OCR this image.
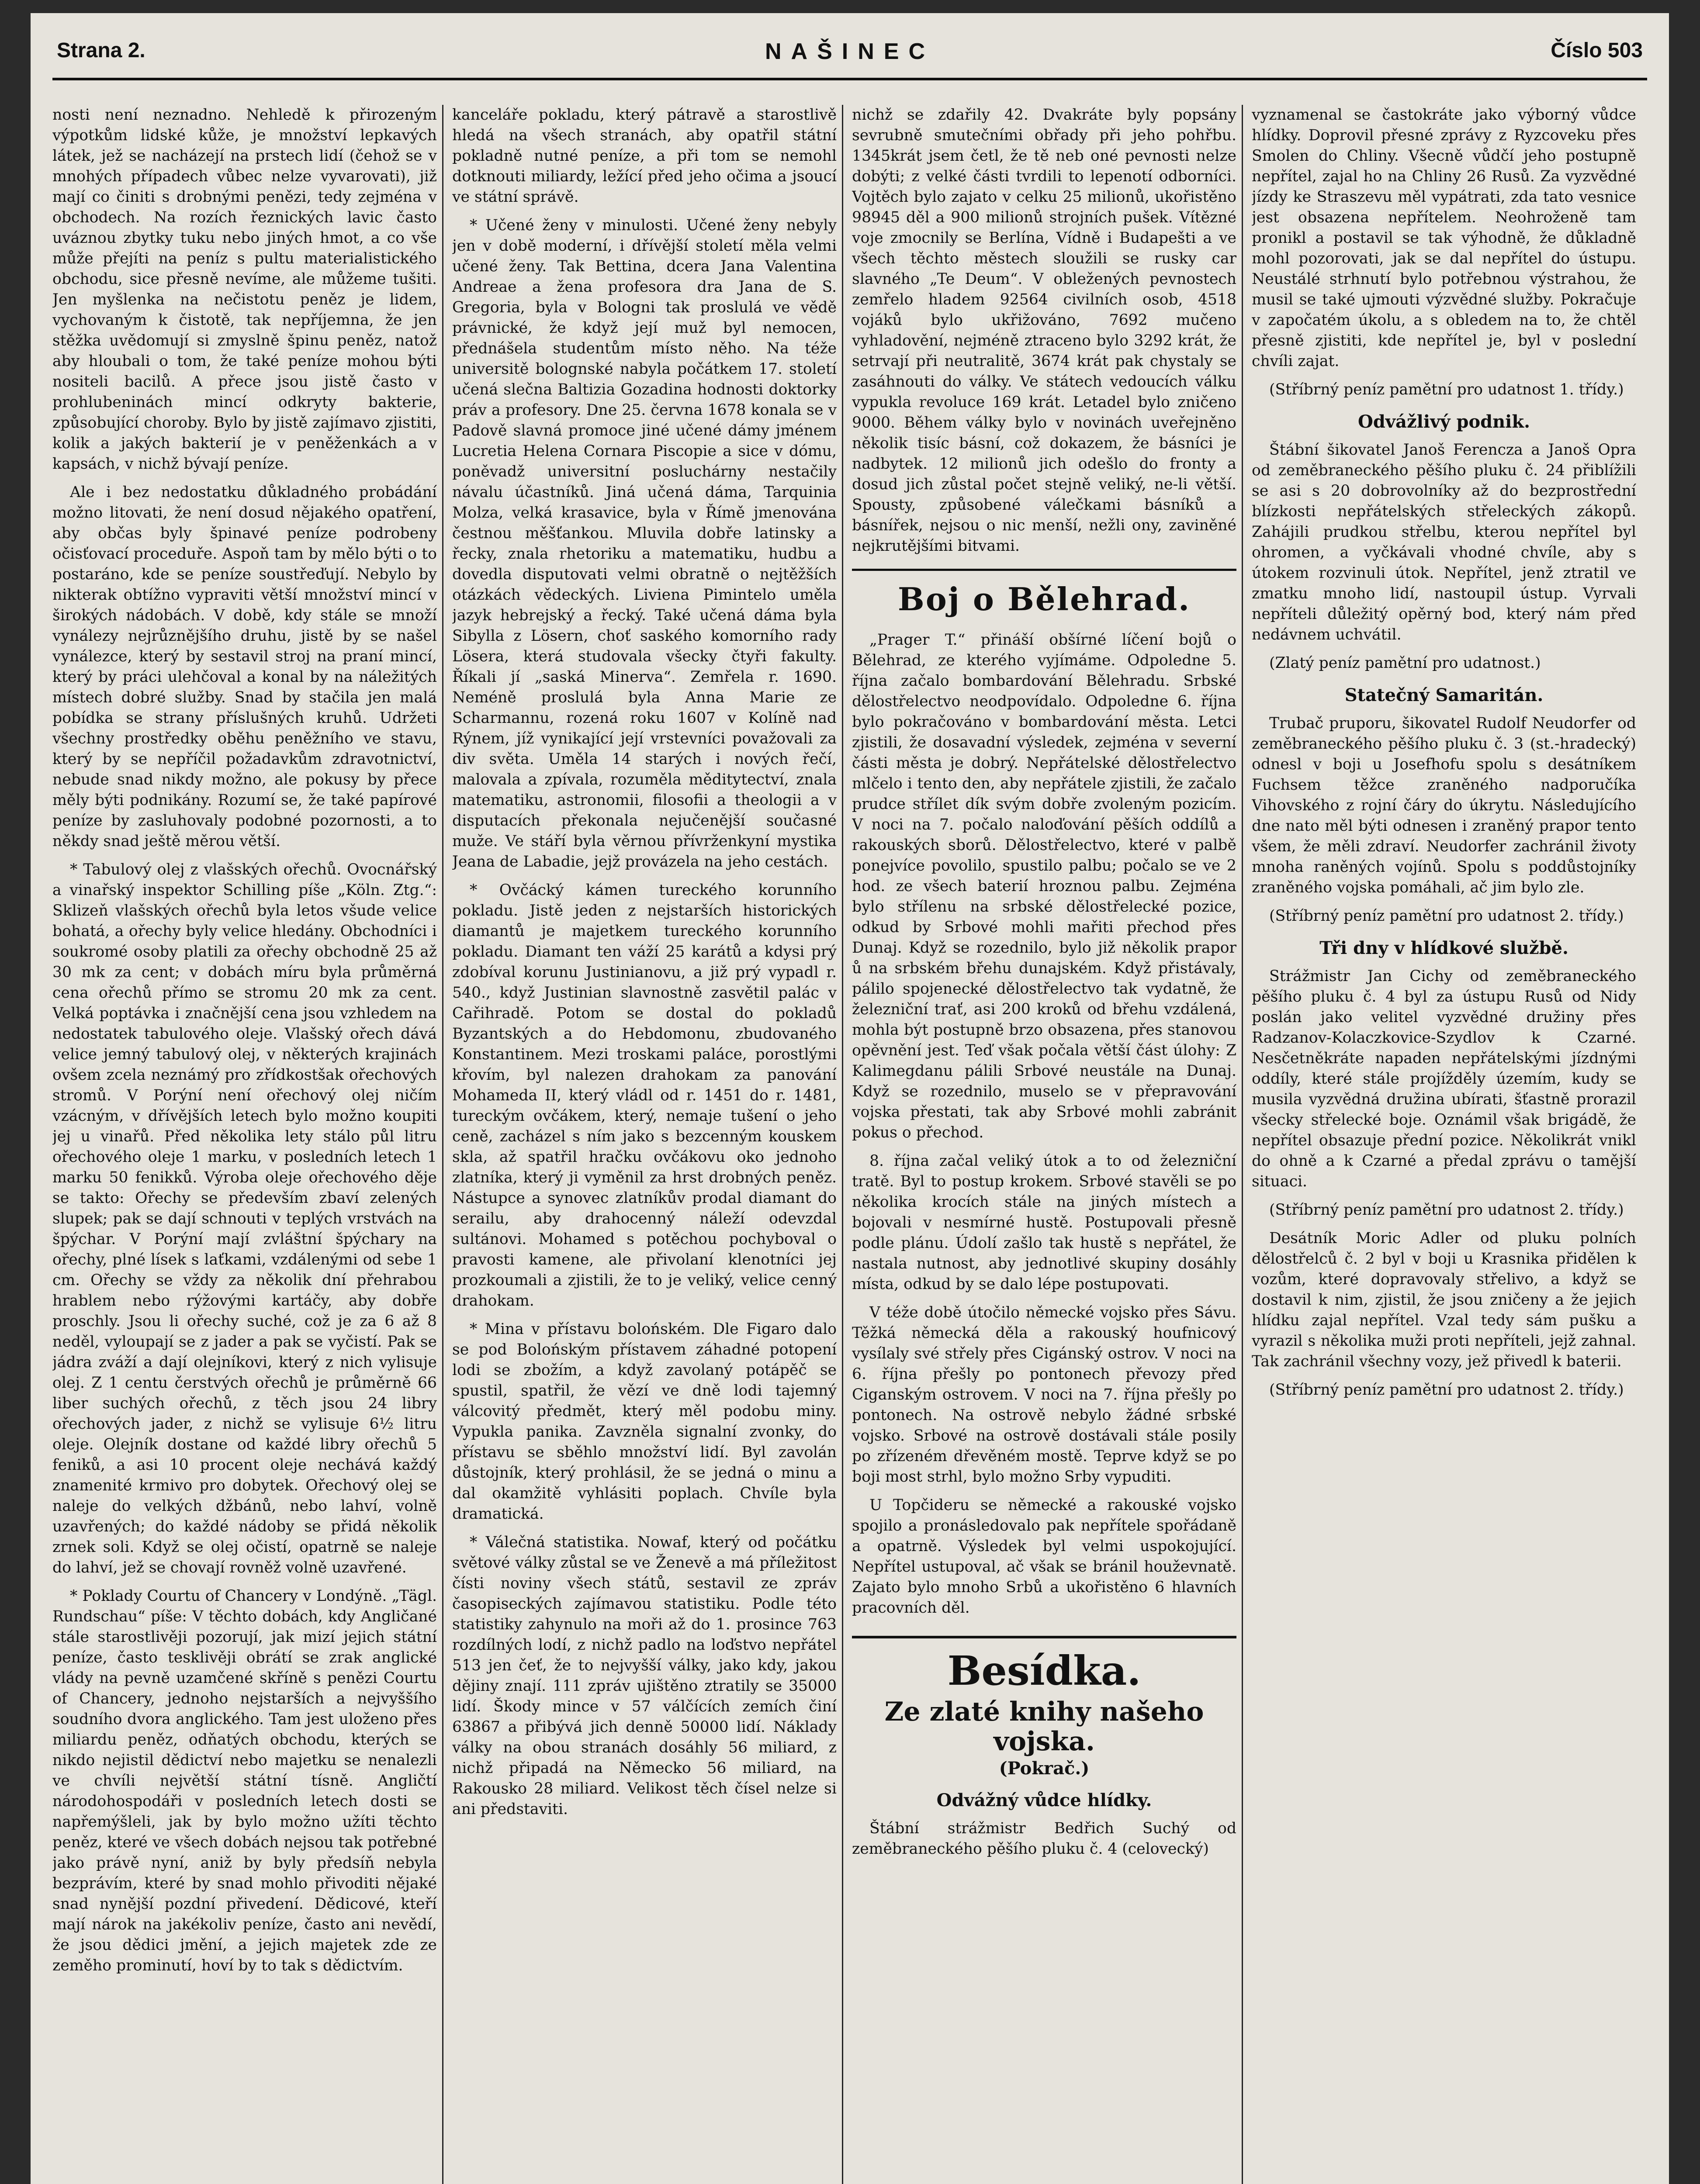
Strana 2.	NAŠINEC	Číslo 503

nosti není neznadno. Nehledě k přirozeným výpotkům lidské kůže, je množství lepkavých látek, jež se nacházejí na prstech lidí (čehož se v mnohých případech vůbec nelze vyvarovati), již mají co činiti s drobnými penězi, tedy zejména v obchodech. Na rozích řeznických lavic často uváznou zbytky tuku nebo jiných hmot, a co vše může přejíti na peníz s pultu materialistického obchodu, sice přesně nevíme, ale můžeme tušiti. Jen myšlenka na nečistotu peněz je lidem, vychovaným k čistotě, tak nepříjemna, že jen stěžka uvědomují si zmyslně špinu peněz, natož aby hloubali o tom, že také peníze mohou býti nositeli bacilů. A přece jsou jistě často v prohlubeninách mincí odkryty bakterie, způsobující choroby. Bylo by jistě zajímavo zjistiti, kolik a jakých bakterií je v peněženkách a v kapsách, v nichž bývají peníze.

Ale i bez nedostatku důkladného probádání možno litovati, že není dosud nějakého opatření, aby občas byly špinavé peníze podrobeny očisťovací proceduře. Aspoň tam by mělo býti o to postaráno, kde se peníze soustřeďují. Nebylo by nikterak obtížno vypraviti větší množství mincí v širokých nádobách. V době, kdy stále se množí vynálezy nejrůznějšího druhu, jistě by se našel vynálezce, který by sestavil stroj na praní mincí, který by práci ulehčoval a konal by na náležitých místech dobré služby. Snad by stačila jen malá pobídka se strany příslušných kruhů. Udržeti všechny prostředky oběhu peněžního ve stavu, který by se nepříčil požadavkům zdravotnictví, nebude snad nikdy možno, ale pokusy by přece měly býti podnikány. Rozumí se, že také papírové peníze by zasluhovaly podobné pozornosti, a to někdy snad ještě měrou větší.

* Tabulový olej z vlašských ořechů. Ovocnářský a vinařský inspektor Schilling píše „Köln. Ztg.“: Sklizeň vlašských ořechů byla letos všude velice bohatá, a ořechy byly velice hledány. Obchodníci i soukromé osoby platili za ořechy obchodně 25 až 30 mk za cent; v dobách míru byla průměrná cena ořechů přímo se stromu 20 mk za cent. Velká poptávka i značnější cena jsou vzhledem na nedostatek tabulového oleje. Vlašský ořech dává velice jemný tabulový olej, v některých krajinách ovšem zcela neznámý pro zřídkostšak ořechových stromů. V Porýní není ořechový olej ničím vzácným, v dřívějších letech bylo možno koupiti jej u vinařů. Před několika lety stálo půl litru ořechového oleje 1 marku, v posledních letech 1 marku 50 fenikků. Výroba oleje ořechového děje se takto: Ořechy se především zbaví zelených slupek; pak se dají schnouti v teplých vrstvách na špýchar. V Porýní mají zvláštní špýchary na ořechy, plné lísek s laťkami, vzdálenými od sebe 1 cm. Ořechy se vždy za několik dní přehrabou hrablem nebo rýžovými kartáčy, aby dobře proschly. Jsou li ořechy suché, což je za 6 až 8 neděl, vyloupají se z jader a pak se vyčistí. Pak se jádra zváží a dají olejníkovi, který z nich vylisuje olej. Z 1 centu čerstvých ořechů je průměrně 66 liber suchých ořechů, z těch jsou 24 libry ořechových jader, z nichž se vylisuje 6½ litru oleje. Olejník dostane od každé libry ořechů 5 feniků, a asi 10 procent oleje nechává každý znamenité krmivo pro dobytek. Ořechový olej se naleje do velkých džbánů, nebo lahví, volně uzavřených; do každé nádoby se přidá několik zrnek soli. Když se olej očistí, opatrně se naleje do lahví, jež se chovají rovněž volně uzavřené.

* Poklady Courtu of Chancery v Londýně. „Tägl. Rundschau“ píše: V těchto dobách, kdy Angličané stále starostlivěji pozorují, jak mizí jejich státní peníze, často tesklivěji obrátí se zrak anglické vlády na pevně uzamčené skříně s penězi Courtu of Chancery, jednoho nejstarších a nejvyššího soudního dvora anglického. Tam jest uloženo přes miliardu peněz, odňatých obchodu, kterých se nikdo nejistil dědictví nebo majetku se nenalezli ve chvíli největší státní tísně. Angličtí národohospodáři v posledních letech dosti se napřemýšleli, jak by bylo možno užíti těchto peněz, které ve všech dobách nejsou tak potřebné jako právě nyní, aniž by byly předsíň nebyla bezprávím, které by snad mohlo přivoditi nějaké snad nynější pozdní přivedení. Dědicové, kteří mají nárok na jakékoliv peníze, často ani nevědí, že jsou dědici jmění, a jejich majetek zde ze zeměho prominutí, hoví by to tak s dědictvím.

kanceláře pokladu, který pátravě a starostlivě hledá na všech stranách, aby opatřil státní pokladně nutné peníze, a při tom se nemohl dotknouti miliardy, ležící před jeho očima a jsoucí ve státní správě.

* Učené ženy v minulosti. Učené ženy nebyly jen v době moderní, i dřívější století měla velmi učené ženy. Tak Bettina, dcera Jana Valentina Andreae a žena profesora dra Jana de S. Gregoria, byla v Bologni tak proslulá ve vědě právnické, že když její muž byl nemocen, přednášela studentům místo něho. Na téže universitě bolognské nabyla počátkem 17. století učená slečna Baltizia Gozadina hodnosti doktorky práv a profesory. Dne 25. června 1678 konala se v Padově slavná promoce jiné učené dámy jménem Lucretia Helena Cornara Piscopie a sice v dómu, poněvadž universitní posluchárny nestačily návalu účastníků. Jiná učená dáma, Tarquinia Molza, velká krasavice, byla v Římě jmenována čestnou měšťankou. Mluvila dobře latinsky a řecky, znala rhetoriku a matematiku, hudbu a dovedla disputovati velmi obratně o nejtěžších otázkách vědeckých. Liviena Pimintelo uměla jazyk hebrejský a řecký. Také učená dáma byla Sibylla z Lösern, choť saského komorního rady Lösera, která studovala všecky čtyři fakulty. Říkali jí „saská Minerva“. Zemřela r. 1690. Neméně proslulá byla Anna Marie ze Scharmannu, rozená roku 1607 v Kolíně nad Rýnem, jíž vynikající její vrstevníci považovali za div světa. Uměla 14 starých i nových řečí, malovala a zpívala, rozuměla měditytectví, znala matematiku, astronomii, filosofii a theologii a v disputacích překonala nejučenější současné muže. Ve stáří byla věrnou přívrženkyní mystika Jeana de Labadie, jejž provázela na jeho cestách.

* Ovčácký kámen tureckého korunního pokladu. Jistě jeden z nejstarších historických diamantů je majetkem tureckého korunního pokladu. Diamant ten váží 25 karátů a kdysi prý zdobíval korunu Justinianovu, a již prý vypadl r. 540., když Justinian slavnostně zasvětil palác v Cařihradě. Potom se dostal do pokladů Byzantských a do Hebdomonu, zbudovaného Konstantinem. Mezi troskami paláce, porostlými křovím, byl nalezen drahokam za panování Mohameda II, který vládl od r. 1451 do r. 1481, tureckým ovčákem, který, nemaje tušení o jeho ceně, zacházel s ním jako s bezcenným kouskem skla, až spatřil hračku ovčákovu oko jednoho zlatníka, který ji vyměnil za hrst drobných peněz. Nástupce a synovec zlatníkův prodal diamant do serailu, aby drahocenný náleží odevzdal sultánovi. Mohamed s potěchou pochyboval o pravosti kamene, ale přivolaní klenotníci jej prozkoumali a zjistili, že to je veliký, velice cenný drahokam.

* Mina v přístavu bolońském. Dle Figaro dalo se pod Bolońským přístavem záhadné potopení lodi se zbožím, a když zavolaný potápěč se spustil, spatřil, že vězí ve dně lodi tajemný válcovitý předmět, který měl podobu miny. Vypukla panika. Zavzněla signalní zvonky, do přístavu se sběhlo množství lidí. Byl zavolán důstojník, který prohlásil, že se jedná o minu a dal okamžitě vyhlásiti poplach. Chvíle byla dramatická.

* Válečná statistika. Nowaf, který od počátku světové války zůstal se ve Ženevě a má příležitost čísti noviny všech států, sestavil ze zpráv časopiseckých zajímavou statistiku. Podle této statistiky zahynulo na moři až do 1. prosince 763 rozdílných lodí, z nichž padlo na loďstvo nepřátel 513 jen čeť, že to nejvyšší války, jako kdy, jakou dějiny znají. 111 zpráv ujištěno ztratily se 35000 lidí. Škody mince v 57 válčících zemích činí 63867 a přibývá jich denně 50000 lidí. Náklady války na obou stranách dosáhly 56 miliard, z nichž připadá na Německo 56 miliard, na Rakousko 28 miliard. Velikost těch čísel nelze si ani představiti.

nichž se zdařily 42. Dvakráte byly popsány sevrubně smutečními obřady při jeho pohřbu. 1345krát jsem četl, že tě neb oné pevnosti nelze dobýti; z velké části tvrdili to lepenotí odborníci. Vojtěch bylo zajato v celku 25 milionů, ukořistěno 98945 děl a 900 milionů strojních pušek. Vítězné voje zmocnily se Berlína, Vídně i Budapešti a ve všech těchto městech sloužili se rusky car slavného „Te Deum“. V obležených pevnostech zemřelo hladem 92564 civilních osob, 4518 vojáků bylo ukřižováno, 7692 mučeno vyhladovění, nejméně ztraceno bylo 3292 krát, že setrvají při neutralitě, 3674 krát pak chystaly se zasáhnouti do války. Ve státech vedoucích válku vypukla revoluce 169 krát. Letadel bylo zničeno 9000. Během války bylo v novinách uveřejněno několik tisíc básní, což dokazem, že básníci je nadbytek. 12 milionů jich odešlo do fronty a dosud jich zůstal počet stejně veliký, ne-li větší. Spousty, způsobené válečkami básníků a básnířek, nejsou o nic menší, nežli ony, zaviněné nejkrutějšími bitvami.

Boj o Bělehrad.

„Prager T.“ přináší obšírné líčení bojů o Bělehrad, ze kterého vyjímáme. Odpoledne 5. října začalo bombardování Bělehradu. Srbské dělostřelectvo neodpovídalo. Odpoledne 6. října bylo pokračováno v bombardování města. Letci zjistili, že dosavadní výsledek, zejména v severní části města je dobrý. Nepřátelské dělostřelectvo mlčelo i tento den, aby nepřátele zjistili, že začalo prudce střílet dík svým dobře zvoleným pozicím. V noci na 7. počalo naloďování pěších oddílů a rakouských sborů. Dělostřelectvo, které v palbě ponejvíce povolilo, spustilo palbu; počalo se ve 2 hod. ze všech baterií hroznou palbu. Zejména bylo střílenu na srbské dělostřelecké pozice, odkud by Srbové mohli mařiti přechod přes Dunaj. Když se rozednilo, bylo již několik prapor ů na srbském břehu dunajském. Když přistávaly, pálilo spojenecké dělostřelectvo tak vydatně, že železniční trať, asi 200 kroků od břehu vzdálená, mohla být postupně brzo obsazena, přes stanovou opěvnění jest. Teď však počala větší část úlohy: Z Kalimegdanu pálili Srbové neustále na Dunaj. Když se rozednilo, muselo se v přepravování vojska přestati, tak aby Srbové mohli zabránit pokus o přechod.

8. října začal veliký útok a to od železniční tratě. Byl to postup krokem. Srbové stavěli se po několika krocích stále na jiných místech a bojovali v nesmírné hustě. Postupovali přesně podle plánu. Údolí zašlo tak hustě s nepřátel, že nastala nutnost, aby jednotlivé skupiny dosáhly místa, odkud by se dalo lépe postupovati.

V téže době útočilo německé vojsko přes Sávu. Těžká německá děla a rakouský houfnicový vysílaly své střely přes Cigánský ostrov. V noci na 6. října přešly po pontonech převozy před Ciganským ostrovem. V noci na 7. října přešly po pontonech. Na ostrově nebylo žádné srbské vojsko. Srbové na ostrově dostávali stále posily po zřízeném dřevěném mostě. Teprve když se po boji most strhl, bylo možno Srby vypuditi.

U Topčideru se německé a rakouské vojsko spojilo a pronásledovalo pak nepřítele spořádaně a opatrně. Výsledek byl velmi uspokojující. Nepřítel ustupoval, ač však se bránil houževnatě. Zajato bylo mnoho Srbů a ukořistěno 6 hlavních pracovních děl.

Besídka.
Ze zlaté knihy našeho vojska.
(Pokrač.)
Odvážný vůdce hlídky.

Štábní strážmistr Bedřich Suchý od zeměbraneckého pěšího pluku č. 4 (celovecký)

vyznamenal se častokráte jako výborný vůdce hlídky. Doprovil přesné zprávy z Ryzcoveku přes Smolen do Chliny. Všecně vůdčí jeho postupně nepřítel, zajal ho na Chliny 26 Rusů. Za vyzvědné jízdy ke Straszevu měl vypátrati, zda tato vesnice jest obsazena nepřítelem. Neohroženě tam pronikl a postavil se tak výhodně, že důkladně mohl pozorovati, jak se dal nepřítel do ústupu. Neustálé strhnutí bylo potřebnou výstrahou, že musil se také ujmouti výzvědné služby. Pokračuje v započatém úkolu, a s obledem na to, že chtěl přesně zjistiti, kde nepřítel je, byl v poslední chvíli zajat.

(Stříbrný peníz pamětní pro udatnost 1. třídy.)

Odvážlivý podnik.

Štábní šikovatel Janoš Ferencza a Janoš Opra od zeměbraneckého pěšího pluku č. 24 přiblížili se asi s 20 dobrovolníky až do bezprostřední blízkosti nepřátelských střeleckých zákopů. Zahájili prudkou střelbu, kterou nepřítel byl ohromen, a vyčkávali vhodné chvíle, aby s útokem rozvinuli útok. Nepřítel, jenž ztratil ve zmatku mnoho lidí, nastoupil ústup. Vyrvali nepříteli důležitý opěrný bod, který nám před nedávnem uchvátil.

(Zlatý peníz pamětní pro udatnost.)

Statečný Samaritán.

Trubač pruporu, šikovatel Rudolf Neudorfer od zeměbraneckého pěšího pluku č. 3 (st.-hradecký) odnesl v boji u Josefhofu spolu s desátníkem Fuchsem těžce zraněného nadporučíka Vihovského z rojní čáry do úkrytu. Následujícího dne nato měl býti odnesen i zraněný prapor tento všem, že měli zdraví. Neudorfer zachránil životy mnoha raněných vojínů. Spolu s poddůstojníky zraněného vojska pomáhali, ač jim bylo zle.

(Stříbrný peníz pamětní pro udatnost 2. třídy.)

Tři dny v hlídkové službě.

Strážmistr Jan Cichy od zeměbraneckého pěšího pluku č. 4 byl za ústupu Rusů od Nidy poslán jako velitel vyzvědné družiny přes Radzanov-Kolaczkovice-Szydlov k Czarné. Nesčetněkráte napaden nepřátelskými jízdnými oddíly, které stále projížděly územím, kudy se musila vyzvědná družina ubírati, šťastně prorazil všecky střelecké boje. Oznámil však brigádě, že nepřítel obsazuje přední pozice. Několikrát vnikl do ohně a k Czarné a předal zprávu o tamější situaci.

(Stříbrný peníz pamětní pro udatnost 2. třídy.)

Desátník Moric Adler od pluku polních dělostřelců č. 2 byl v boji u Krasnika přidělen k vozům, které dopravovaly střelivo, a když se dostavil k nim, zjistil, že jsou zničeny a že jejich hlídku zajal nepřítel. Vzal tedy sám pušku a vyrazil s několika muži proti nepříteli, jejž zahnal. Tak zachránil všechny vozy, jež přivedl k baterii.

(Stříbrný peníz pamětní pro udatnost 2. třídy.)
